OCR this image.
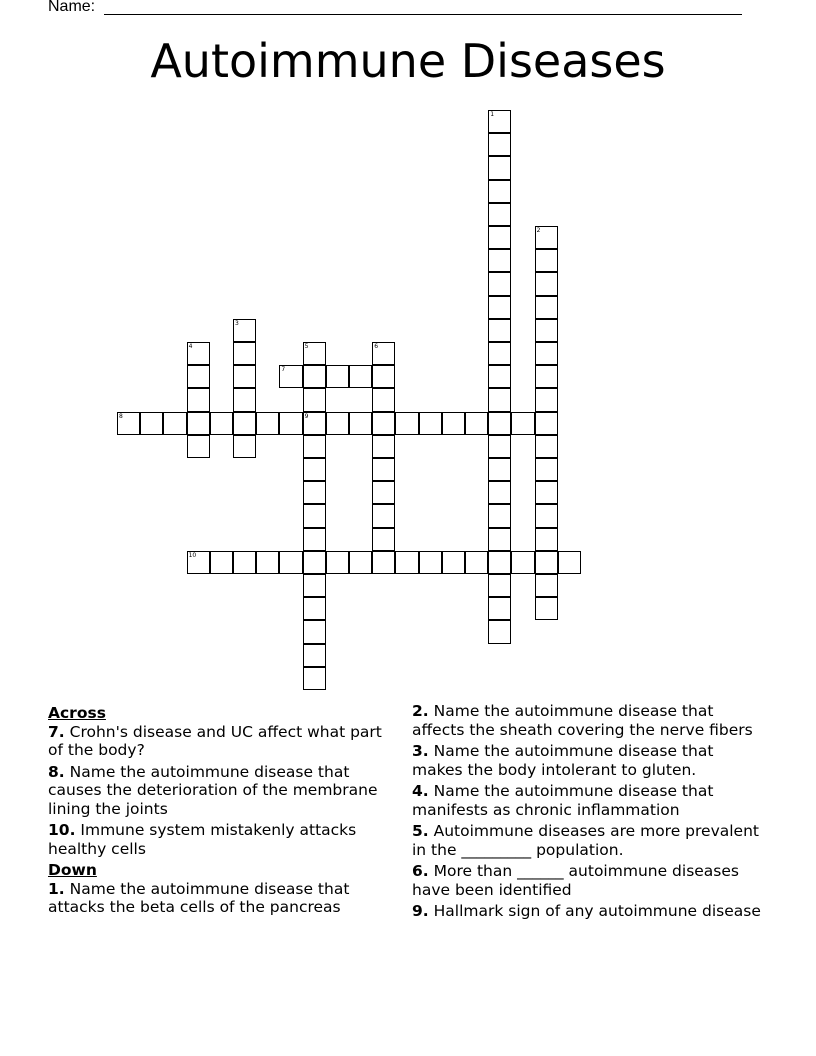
Name:
Autoimmune Diseases
1
2
3
4	5
9
6
7
8
10
Across
7. Crohn's disease and UC affect what part of the body?
8. Name the autoimmune disease that causes the deterioration of the membrane lining the joints
10. Immune system mistakenly attacks healthy cells
Down
1. Name the autoimmune disease that attacks the beta cells of the pancreas
2. Name the autoimmune disease that affects the sheath covering the nerve fibers
3. Name the autoimmune disease that makes the body intolerant to gluten.
4. Name the autoimmune disease that manifests as chronic inflammation
5. Autoimmune diseases are more prevalent in the _________ population.
6. More than ______ autoimmune diseases have been identified
9. Hallmark sign of any autoimmune disease
